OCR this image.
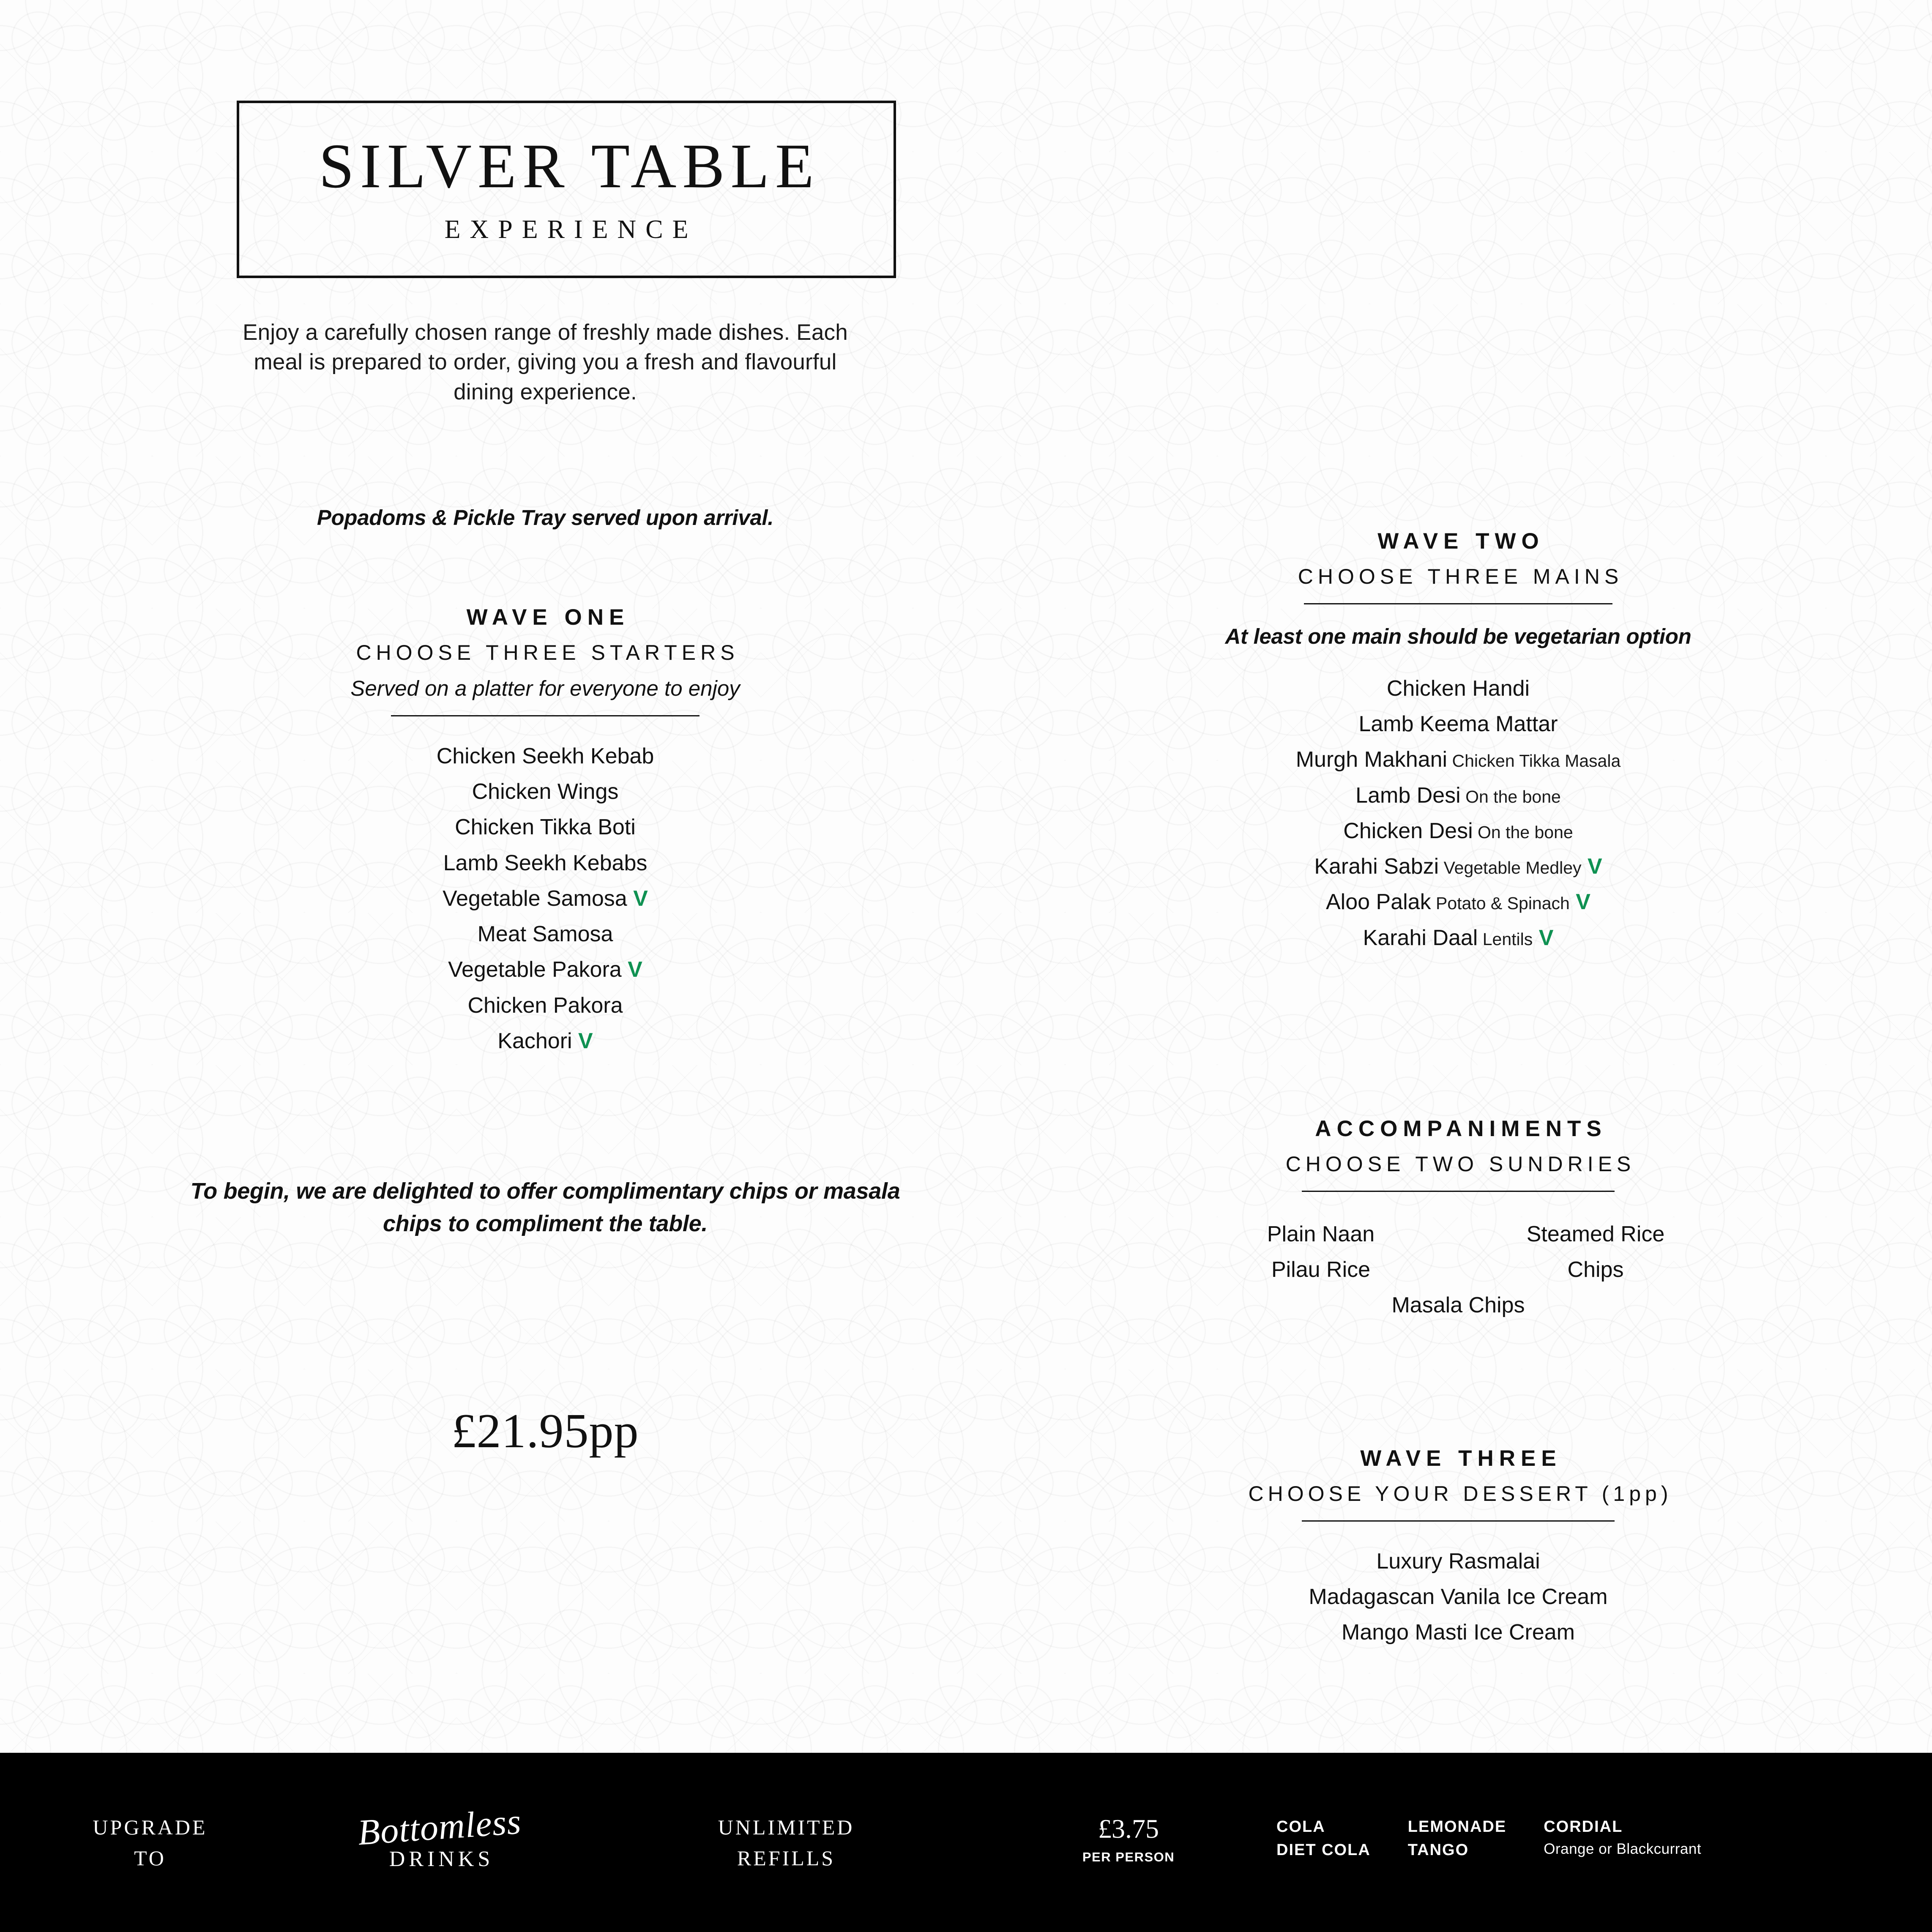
SILVER TABLE
EXPERIENCE
Enjoy a carefully chosen range of freshly made dishes. Each meal is prepared to order, giving you a fresh and flavourful dining experience.
Popadoms & Pickle Tray served upon arrival.
WAVE ONE
CHOOSE THREE STARTERS
Served on a platter for everyone to enjoy
Chicken Seekh Kebab
Chicken Wings
Chicken Tikka Boti
Lamb Seekh Kebabs
Vegetable Samosa V
Meat Samosa
Vegetable Pakora V
Chicken Pakora
Kachori V
To begin, we are delighted to offer complimentary chips or masala chips to compliment the table.
£21.95pp
WAVE TWO
CHOOSE THREE MAINS
At least one main should be vegetarian option
Chicken Handi
Lamb Keema Mattar
Murgh Makhani Chicken Tikka Masala
Lamb Desi On the bone
Chicken Desi On the bone
Karahi Sabzi Vegetable Medley V
Aloo Palak Potato & Spinach V
Karahi Daal Lentils V
ACCOMPANIMENTS
CHOOSE TWO SUNDRIES
Plain Naan	Steamed Rice
Pilau Rice	Chips
Masala Chips
WAVE THREE
CHOOSE YOUR DESSERT (1pp)
Luxury Rasmalai
Madagascan Vanila Ice Cream
Mango Masti Ice Cream
UPGRADE
TO
Bottomless
DRINKS
UNLIMITED
REFILLS
£3.75
PER PERSON
COLA
DIET COLA
LEMONADE
TANGO
CORDIAL
Orange or Blackcurrant
